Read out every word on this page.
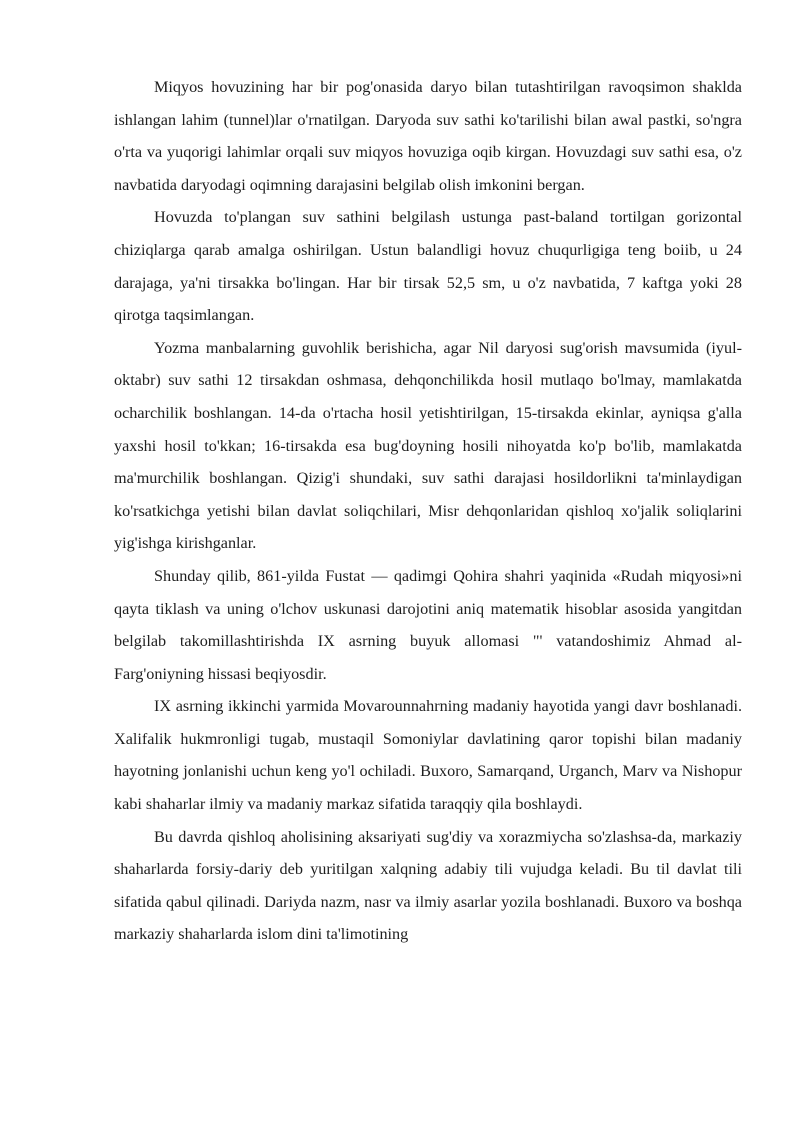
Miqyos hovuzining har bir pog'onasida daryo bilan tutashtirilgan ravoqsimon shaklda ishlangan lahim (tunnel)lar o'rnatilgan. Daryoda suv sathi ko'tarilishi bilan awal pastki, so'ngra o'rta va yuqorigi lahimlar orqali suv miqyos hovuziga oqib kirgan. Hovuzdagi suv sathi esa, o'z navbatida daryodagi oqimning darajasini belgilab olish imkonini bergan.

Hovuzda to'plangan suv sathini belgilash ustunga past-baland tortilgan gorizontal chiziqlarga qarab amalga oshirilgan. Ustun balandligi hovuz chuqurligiga teng boiib, u 24 darajaga, ya'ni tirsakka bo'lingan. Har bir tirsak 52,5 sm, u o'z navbatida, 7 kaftga yoki 28 qirotga taqsimlangan.

Yozma manbalarning guvohlik berishicha, agar Nil daryosi sug'orish mavsumida (iyul-oktabr) suv sathi 12 tirsakdan oshmasa, dehqonchilikda hosil mutlaqo bo'lmay, mamlakatda ocharchilik boshlangan. 14-da o'rtacha hosil yetishtirilgan, 15-tirsakda ekinlar, ayniqsa g'alla yaxshi hosil to'kkan; 16-tirsakda esa bug'doyning hosili nihoyatda ko'p bo'lib, mamlakatda ma'murchilik boshlangan. Qizig'i shundaki, suv sathi darajasi hosildorlikni ta'minlaydigan ko'rsatkichga yetishi bilan davlat soliqchilari, Misr dehqonlaridan qishloq xo'jalik soliqlarini yig'ishga kirishganlar.

Shunday qilib, 861-yilda Fustat — qadimgi Qohira shahri yaqinida «Rudah miqyosi»ni qayta tiklash va uning o'lchov uskunasi darojotini aniq matematik hisoblar asosida yangitdan belgilab takomillashtirishda IX asrning buyuk allomasi "' vatandoshimiz Ahmad al-Farg'oniyning hissasi beqiyosdir.

IX asrning ikkinchi yarmida Movarounnahrning madaniy hayotida yangi davr boshlanadi. Xalifalik hukmronligi tugab, mustaqil Somoniylar davlatining qaror topishi bilan madaniy hayotning jonlanishi uchun keng yo'l ochiladi. Buxoro, Samarqand, Urganch, Marv va Nishopur kabi shaharlar ilmiy va madaniy markaz sifatida taraqqiy qila boshlaydi.

Bu davrda qishloq aholisining aksariyati sug'diy va xorazmiycha so'zlashsa-da, markaziy shaharlarda forsiy-dariy deb yuritilgan xalqning adabiy tili vujudga keladi. Bu til davlat tili sifatida qabul qilinadi. Dariyda nazm, nasr va ilmiy asarlar yozila boshlanadi. Buxoro va boshqa markaziy shaharlarda islom dini ta'limotining
